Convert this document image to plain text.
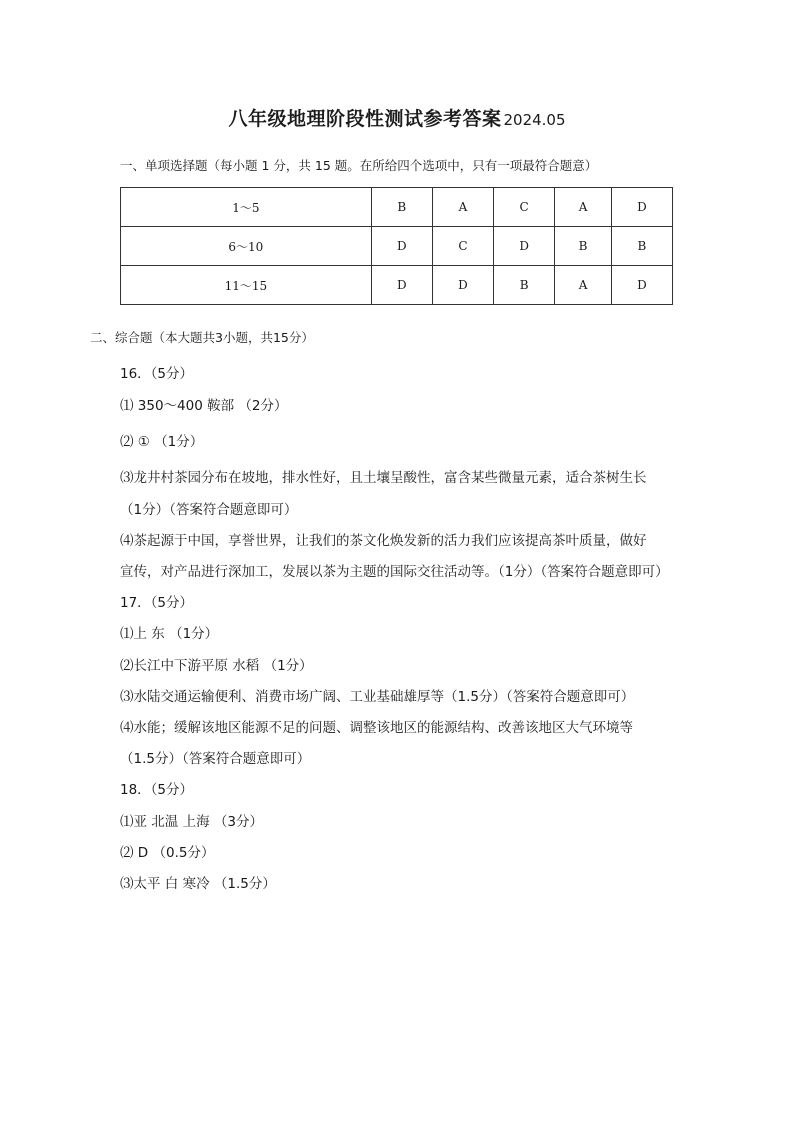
八年级地理阶段性测试参考答案 2024.05
一、单项选择题（每小题 1 分，共 15 题。在所给四个选项中，只有一项最符合题意）
1～5	B	A	C	A	D
6～10	D	C	D	B	B
11～15	D	D	B	A	D
二、综合题（本大题共3小题，共15分）
16．（5分）
⑴ 350～400 鞍部 （2分）
⑵ ① （1分）
⑶龙井村茶园分布在坡地，排水性好，且土壤呈酸性，富含某些微量元素，适合茶树生长
（1分）（答案符合题意即可）
⑷茶起源于中国，享誉世界，让我们的茶文化焕发新的活力我们应该提高茶叶质量，做好
宣传，对产品进行深加工，发展以茶为主题的国际交往活动等。（1分）（答案符合题意即可）
17．（5分）
⑴上 东 （1分）
⑵长江中下游平原 水稻 （1分）
⑶水陆交通运输便利、消费市场广阔、工业基础雄厚等（1.5分）（答案符合题意即可）
⑷水能；缓解该地区能源不足的问题、调整该地区的能源结构、改善该地区大气环境等
（1.5分）（答案符合题意即可）
18．（5分）
⑴亚 北温 上海 （3分）
⑵ D （0.5分）
⑶太平 白 寒冷 （1.5分）
